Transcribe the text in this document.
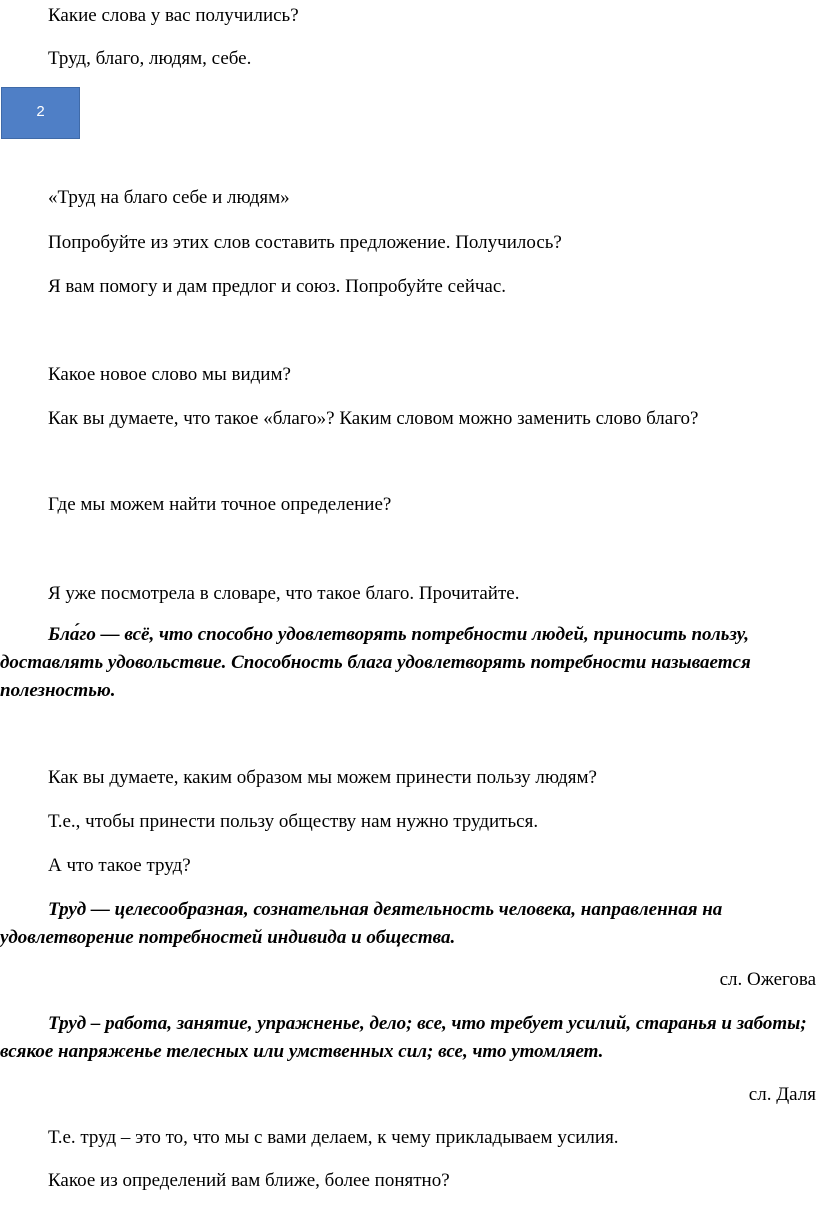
Какие слова у вас получились?
Труд, благо, людям, себе.
2
«Труд на благо себе и людям»
Попробуйте из этих слов составить предложение. Получилось?
Я вам помогу и дам предлог и союз. Попробуйте сейчас.
Какое новое слово мы видим?
Как вы думаете, что такое «благо»? Каким словом можно заменить слово благо?
Где мы можем найти точное определение?
Я уже посмотрела в словаре, что такое благо. Прочитайте.
Бла́го — всё, что способно удовлетворять потребности людей, приносить пользу, доставлять удовольствие. Способность блага удовлетворять потребности называется полезностью.
Как вы думаете, каким образом мы можем принести пользу людям?
Т.е., чтобы принести пользу обществу нам нужно трудиться.
А что такое труд?
Труд — целесообразная, сознательная деятельность человека, направленная на удовлетворение потребностей индивида и общества.
сл. Ожегова
Труд – работа, занятие, упражненье, дело; все, что требует усилий, старанья и заботы; всякое напряженье телесных или умственных сил; все, что утомляет.
сл. Даля
Т.е. труд – это то, что мы с вами делаем, к чему прикладываем усилия.
Какое из определений вам ближе, более понятно?
